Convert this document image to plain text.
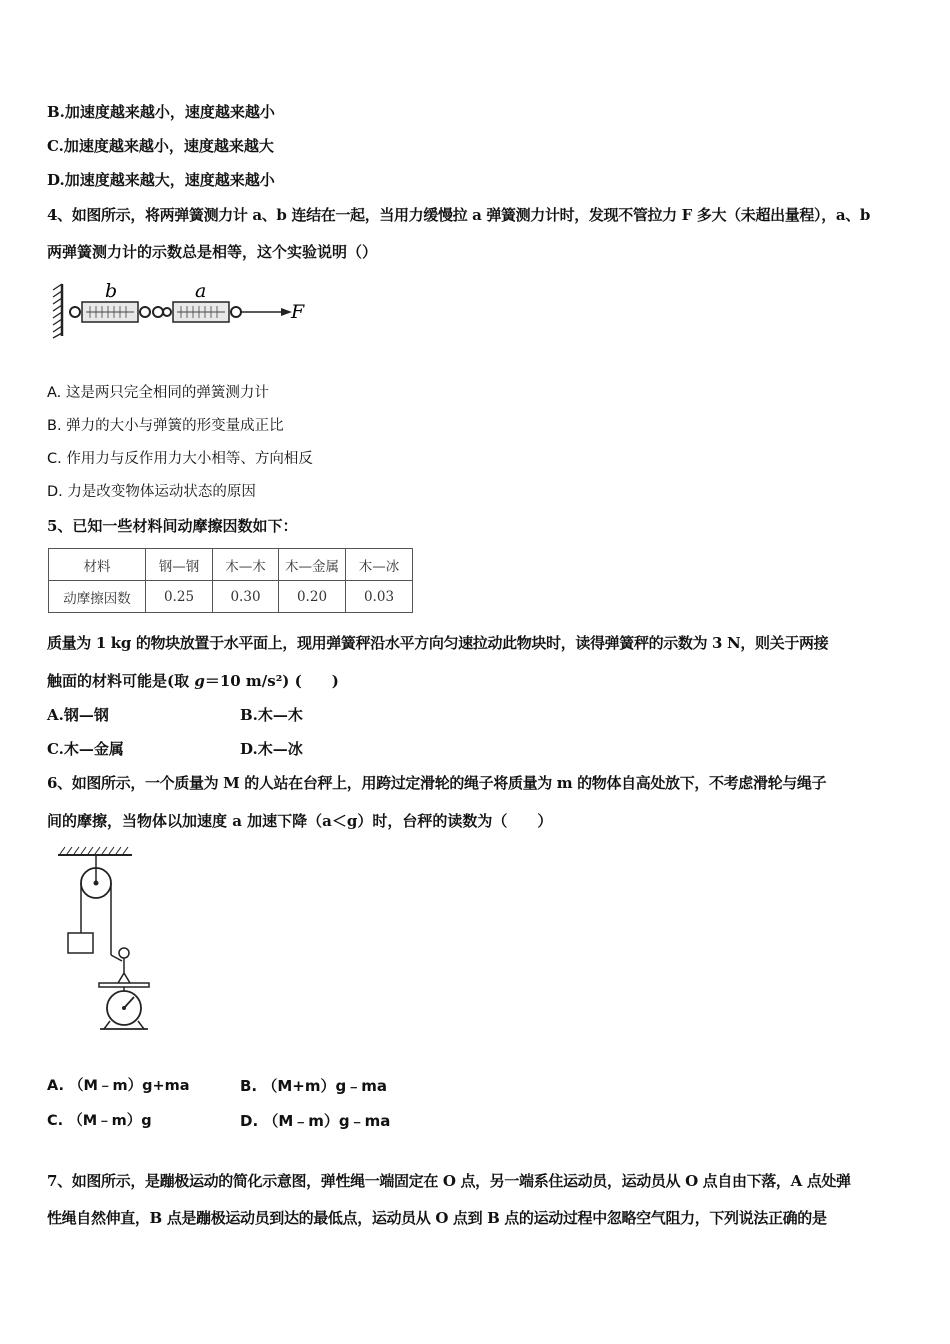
B.加速度越来越小，速度越来越小
C.加速度越来越小，速度越来越大
D.加速度越来越大，速度越来越小
4、如图所示，将两弹簧测力计 a、b 连结在一起，当用力缓慢拉 a 弹簧测力计时，发现不管拉力 F 多大（未超出量程），a、b
两弹簧测力计的示数总是相等，这个实验说明（）
b	a
F
A. 这是两只完全相同的弹簧测力计
B. 弹力的大小与弹簧的形变量成正比
C. 作用力与反作用力大小相等、方向相反
D. 力是改变物体运动状态的原因
5、已知一些材料间动摩擦因数如下：
材料	钢—钢	木—木	木—金属	木—冰
动摩擦因数	0.25	0.30	0.20	0.03
质量为 1 kg 的物块放置于水平面上，现用弹簧秤沿水平方向匀速拉动此物块时，读得弹簧秤的示数为 3 N，则关于两接
触面的材料可能是(取 g＝10 m/s²) (　　)
A.钢—钢	B.木—木
C.木—金属	D.木—冰
6、如图所示，一个质量为 M 的人站在台秤上，用跨过定滑轮的绳子将质量为 m 的物体自高处放下，不考虑滑轮与绳子
间的摩擦，当物体以加速度 a 加速下降（a＜g）时，台秤的读数为（　　）
A. （M﹣m）g+ma	B. （M+m）g﹣ma
C. （M﹣m）g	D. （M﹣m）g﹣ma
7、如图所示，是蹦极运动的简化示意图，弹性绳一端固定在 O 点，另一端系住运动员，运动员从 O 点自由下落，A 点处弹
性绳自然伸直，B 点是蹦极运动员到达的最低点，运动员从 O 点到 B 点的运动过程中忽略空气阻力，下列说法正确的是
